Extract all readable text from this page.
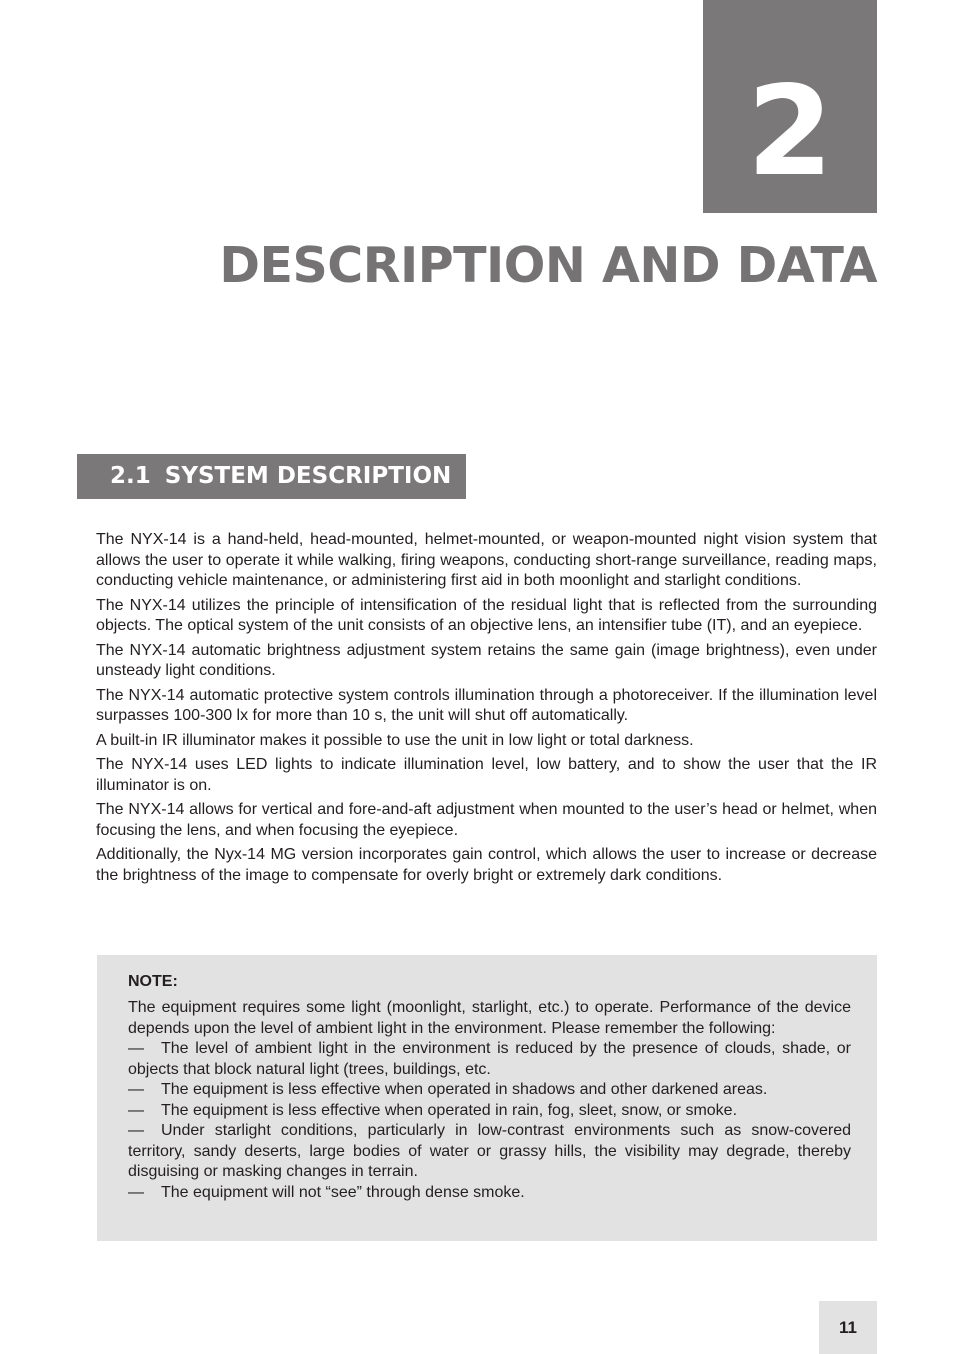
2
DESCRIPTION AND DATA
2.1 SYSTEM DESCRIPTION

The NYX-14 is a hand-held, head-mounted, helmet-mounted, or weapon-mounted night vision system that allows the user to operate it while walking, firing weapons, conducting short-range surveillance, reading maps, conducting vehicle maintenance, or administering first aid in both moonlight and starlight conditions.

The NYX-14 utilizes the principle of intensification of the residual light that is reflected from the surrounding objects. The optical system of the unit consists of an objective lens, an intensifier tube (IT), and an eyepiece.

The NYX-14 automatic brightness adjustment system retains the same gain (image brightness), even under unsteady light conditions.

The NYX-14 automatic protective system controls illumination through a photoreceiver. If the illumination level surpasses 100-300 lx for more than 10 s, the unit will shut off automatically.

A built-in IR illuminator makes it possible to use the unit in low light or total darkness.

The NYX-14 uses LED lights to indicate illumination level, low battery, and to show the user that the IR illuminator is on.

The NYX-14 allows for vertical and fore-and-aft adjustment when mounted to the user’s head or helmet, when focusing the lens, and when focusing the eyepiece.

Additionally, the Nyx-14 MG version incorporates gain control, which allows the user to increase or decrease the brightness of the image to compensate for overly bright or extremely dark conditions.

NOTE:

The equipment requires some light (moonlight, starlight, etc.) to operate. Performance of the device depends upon the level of ambient light in the environment. Please remember the following:

— The level of ambient light in the environment is reduced by the presence of clouds, shade, or objects that block natural light (trees, buildings, etc.
— The equipment is less effective when operated in shadows and other darkened areas.
— The equipment is less effective when operated in rain, fog, sleet, snow, or smoke.
— Under starlight conditions, particularly in low-contrast environments such as snow-covered territory, sandy deserts, large bodies of water or grassy hills, the visibility may degrade, thereby disguising or masking changes in terrain.
— The equipment will not “see” through dense smoke.
11
